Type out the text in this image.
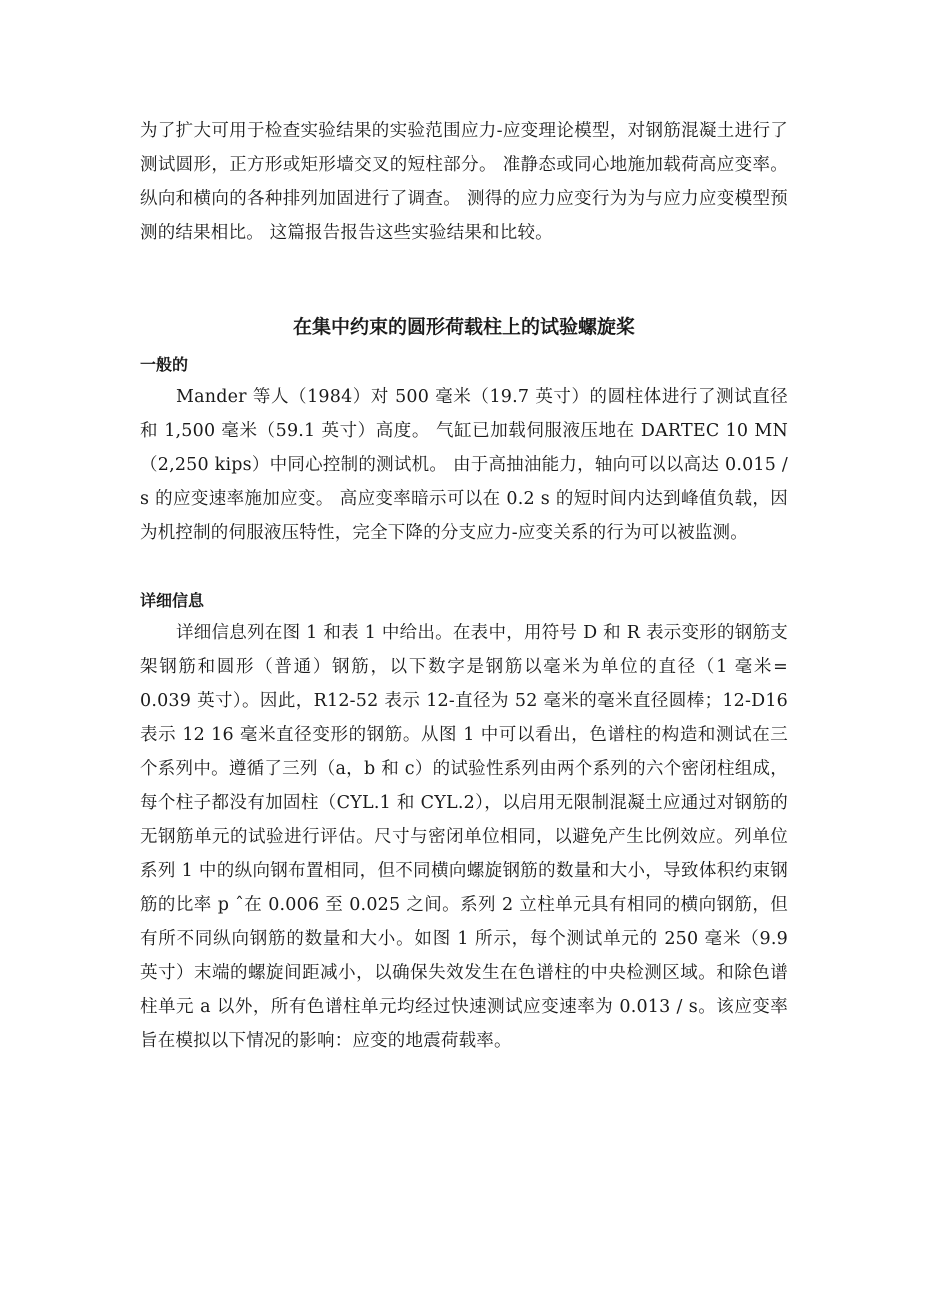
为了扩大可用于检查实验结果的实验范围应力-应变理论模型，对钢筋混凝土进行了测试圆形，正方形或矩形墙交叉的短柱部分。 准静态或同心地施加载荷高应变率。 纵向和横向的各种排列加固进行了调查。 测得的应力应变行为为与应力应变模型预测的结果相比。 这篇报告报告这些实验结果和比较。

在集中约束的圆形荷载柱上的试验螺旋桨
一般的

Mander 等人（1984）对 500 毫米（19.7 英寸）的圆柱体进行了测试直径和 1,500 毫米（59.1 英寸）高度。 气缸已加载伺服液压地在 DARTEC 10 MN（2,250 kips）中同心控制的测试机。 由于高抽油能力，轴向可以以高达 0.015 / s 的应变速率施加应变。 高应变率暗示可以在 0.2 s 的短时间内达到峰值负载，因为机控制的伺服液压特性，完全下降的分支应力-应变关系的行为可以被监测。

详细信息

详细信息列在图 1 和表 1 中给出。在表中，用符号 D 和 R 表示变形的钢筋支架钢筋和圆形（普通）钢筋，以下数字是钢筋以毫米为单位的直径（1 毫米= 0.039 英寸）。因此，R12-52 表示 12-直径为 52 毫米的毫米直径圆棒；12-D16 表示 12 16 毫米直径变形的钢筋。从图 1 中可以看出，色谱柱的构造和测试在三个系列中。遵循了三列（a，b 和 c）的试验性系列由两个系列的六个密闭柱组成，每个柱子都没有加固柱（CYL.1 和 CYL.2），以启用无限制混凝土应通过对钢筋的无钢筋单元的试验进行评估。尺寸与密闭单位相同，以避免产生比例效应。列单位系列 1 中的纵向钢布置相同，但不同横向螺旋钢筋的数量和大小，导致体积约束钢筋的比率 p ˆ在 0.006 至 0.025 之间。系列 2 立柱单元具有相同的横向钢筋，但有所不同纵向钢筋的数量和大小。如图 1 所示，每个测试单元的 250 毫米（9.9 英寸）末端的螺旋间距减小，以确保失效发生在色谱柱的中央检测区域。和除色谱柱单元 a 以外，所有色谱柱单元均经过快速测试应变速率为 0.013 / s。该应变率旨在模拟以下情况的影响：应变的地震荷载率。
